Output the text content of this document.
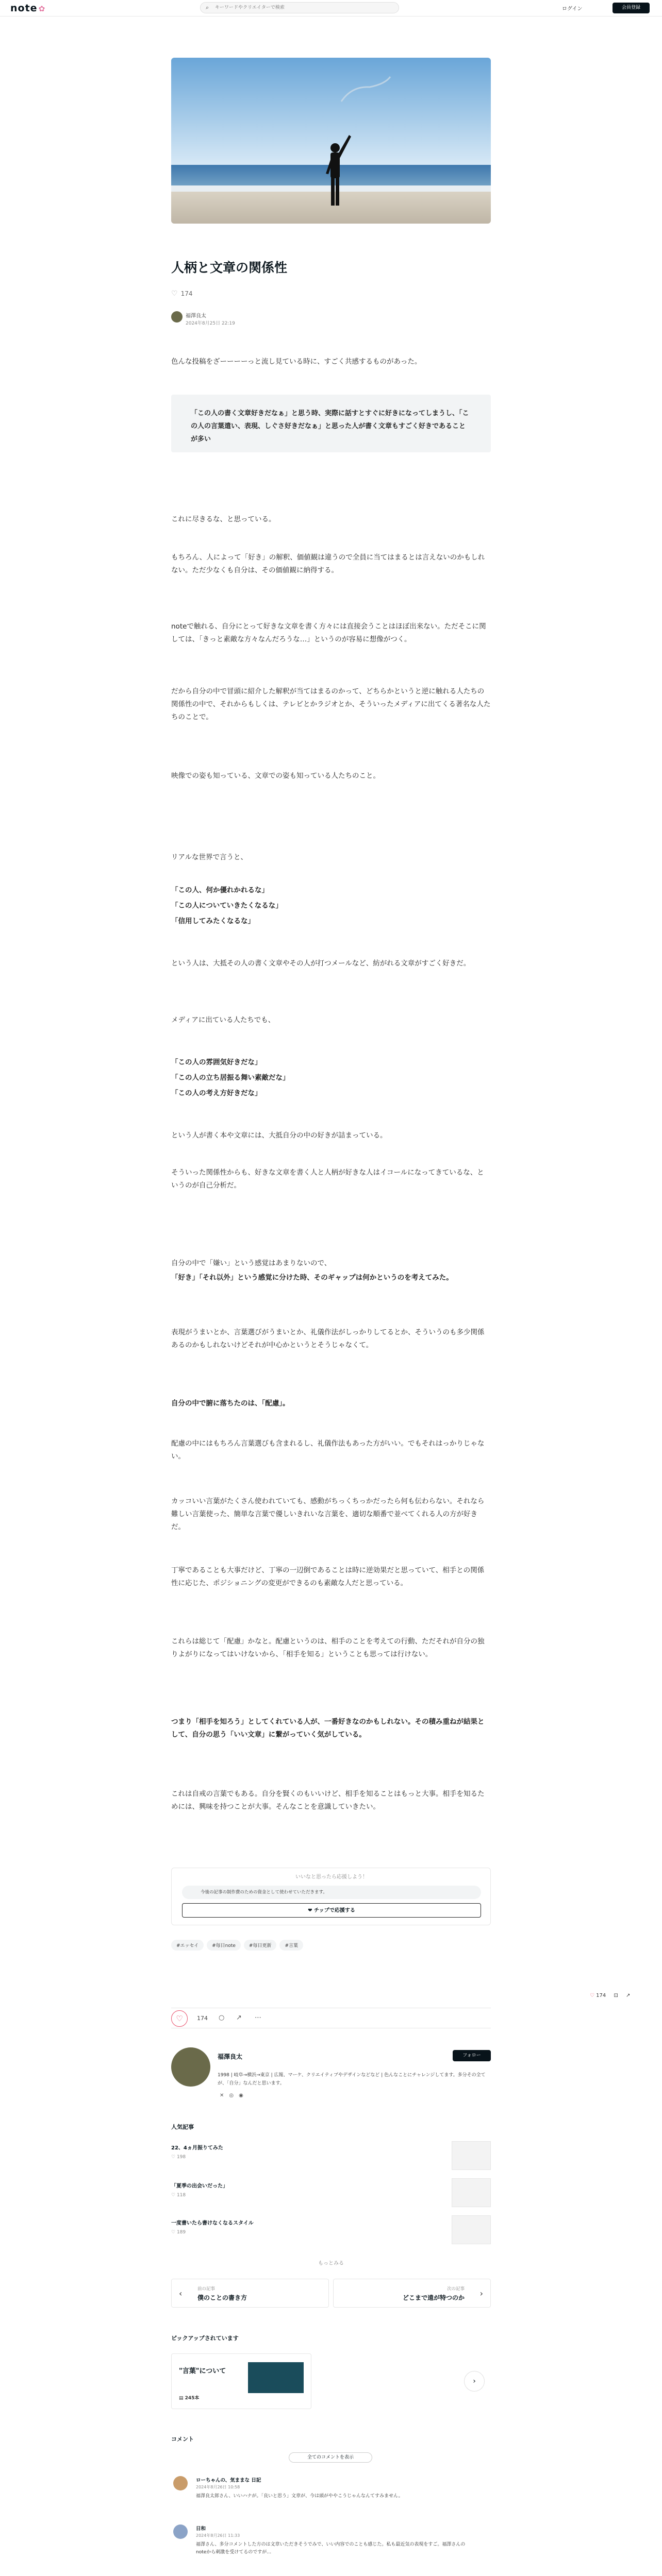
note ✿	⌕
キーワードやクリエイターで検索	ログイン	会員登録
人柄と文章の関係性
♡ 174
福澤良太
2024年8月25日 22:19

色んな投稿をざーーーーっと流し見ている時に、すごく共感するものがあった。

「この人の書く文章好きだなぁ」と思う時、実際に話すとすぐに好きになってしまうし、「この人の言葉遣い、表現、しぐさ好きだなぁ」と思った人が書く文章もすごく好きであることが多い

これに尽きるな、と思っている。

もちろん、人によって「好き」の解釈、価値観は違うので全員に当てはまるとは言えないのかもしれない。ただ少なくも自分は、その価値観に納得する。

noteで触れる、自分にとって好きな文章を書く方々には直接会うことはほぼ出来ない。ただそこに関しては、「きっと素敵な方々なんだろうな…」というのが容易に想像がつく。

だから自分の中で冒頭に紹介した解釈が当てはまるのかって、どちらかというと逆に触れる人たちの関係性の中で、それからもしくは、テレビとかラジオとか、そういったメディアに出てくる著名な人たちのことで。

映像での姿も知っている、文章での姿も知っている人たちのこと。

リアルな世界で言うと、

「この人、何か優れかれるな」

「この人についていきたくなるな」

「信用してみたくなるな」

という人は、大抵その人の書く文章やその人が打つメールなど、紡がれる文章がすごく好きだ。

メディアに出ている人たちでも、

「この人の雰囲気好きだな」

「この人の立ち居振る舞い素敵だな」

「この人の考え方好きだな」

という人が書く本や文章には、大抵自分の中の好きが詰まっている。

そういった関係性からも、好きな文章を書く人と人柄が好きな人はイコールになってきているな、というのが自己分析だ。

自分の中で「嫌い」という感覚はあまりないので、

「好き」「それ以外」という感覚に分けた時、そのギャップは何かというのを考えてみた。

表現がうまいとか、言葉選びがうまいとか、礼儀作法がしっかりしてるとか、そういうのも多少関係あるのかもしれないけどそれが中心かというとそうじゃなくて。

自分の中で腑に落ちたのは、「配慮」。

配慮の中にはもちろん言葉選びも含まれるし、礼儀作法もあった方がいい。でもそれはっかりじゃない。

カッコいい言葉がたくさん使われていても、感動がちっくちっかだったら何も伝わらない。それなら難しい言葉使った、簡単な言葉で優しいきれいな言葉を、適切な順番で並べてくれる人の方が好きだ。

丁寧であることも大事だけど、丁寧の一辺倒であることは時に逆効果だと思っていて、相手との関係性に応じた、ポジショニングの変更ができるのも素敵な人だと思っている。

これらは総じて「配慮」かなと。配慮というのは、相手のことを考えての行動、ただそれが自分の独りよがりになってはいけないから、「相手を知る」ということも思っては行けない。

つまり「相手を知ろう」としてくれている人が、一番好きなのかもしれない。その積み重ねが結果として、自分の思う「いい文章」に繋がっていく気がしている。

これは自戒の言葉でもある。自分を賢くのもいいけど、相手を知ることはもっと大事。相手を知るためには、興味を持つことが大事。そんなことを意識していきたい。

いいなと思ったら応援しよう！
今後の記事の制作費のための資金として使わせていただきます。
❤ チップで応援する
#エッセイ	#毎日note	#毎日更新	#言葉
♡ 174 ⊡ ↗
♡	174 ○ ↗ ⋯
福澤良太	フォロー
1998 | 岐阜→横浜→東京 | 広報、マーケ、クリエイティブやデザインなどなど | 色んなことにチャレンジしてます。多分その全てが、「自分」なんだと思います。
✕◎◉
人気記事
22、4ヵ月振りてみた
♡ 198
「夏季の出会いだった」
♡ 118
一度書いたら書けなくなるスタイル
♡ 189
もっとみる
‹	前の記事
僕のことの書き方	›
次の記事
どこまで遠が特つのか
ピックアップされています
"言葉"について
▤ 245本
›
コメント
全てのコメントを表示
ローちゃんの、気ままな 日記
2024年8月26日 10:58
福澤良太郎さん、いいハナが。「良いと思う」文章が、今は頭がややこうじゃんなんてすみません。
日和
2024年8月26日 11:33
福澤さん、多分コメントした方のは文章いただきそうでみで、いい内容でのことも感じた。私も最近気の表現をすご。福澤さんのnoteから刺激を受けてるのですが…
